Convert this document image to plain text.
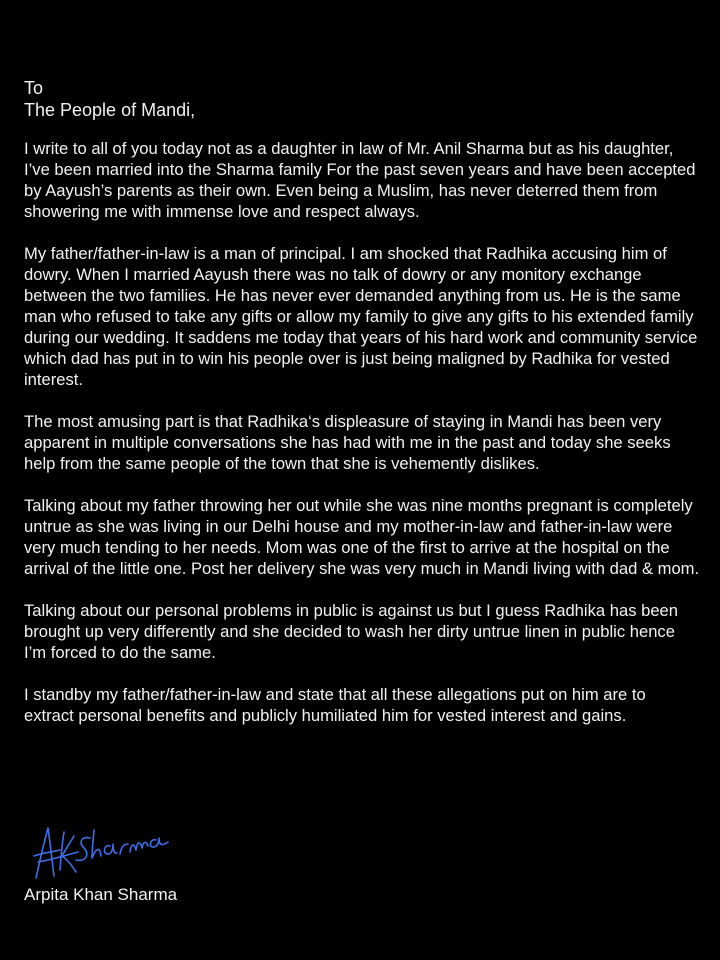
To
The People of Mandi,

I write to all of you today not as a daughter in law of Mr. Anil Sharma but as his daughter, I’ve been married into the Sharma family For the past seven years and have been accepted by Aayush’s parents as their own. Even being a Muslim, has never deterred them from showering me with immense love and respect always.

My father/father-in-law is a man of principal. I am shocked that Radhika accusing him of dowry. When I married Aayush there was no talk of dowry or any monitory exchange between the two families. He has never ever demanded anything from us. He is the same man who refused to take any gifts or allow my family to give any gifts to his extended family during our wedding. It saddens me today that years of his hard work and community service which dad has put in to win his people over is just being maligned by Radhika for vested interest.

The most amusing part is that Radhika‘s displeasure of staying in Mandi has been very apparent in multiple conversations she has had with me in the past and today she seeks help from the same people of the town that she is vehemently dislikes.

Talking about my father throwing her out while she was nine months pregnant is completely untrue as she was living in our Delhi house and my mother-in-law and father-in-law were very much tending to her needs. Mom was one of the first to arrive at the hospital on the arrival of the little one. Post her delivery she was very much in Mandi living with dad & mom.

Talking about our personal problems in public is against us but I guess Radhika has been brought up very differently and she decided to wash her dirty untrue linen in public hence I’m forced to do the same.

I standby my father/father-in-law and state that all these allegations put on him are to extract personal benefits and publicly humiliated him for vested interest and gains.

Arpita Khan Sharma
